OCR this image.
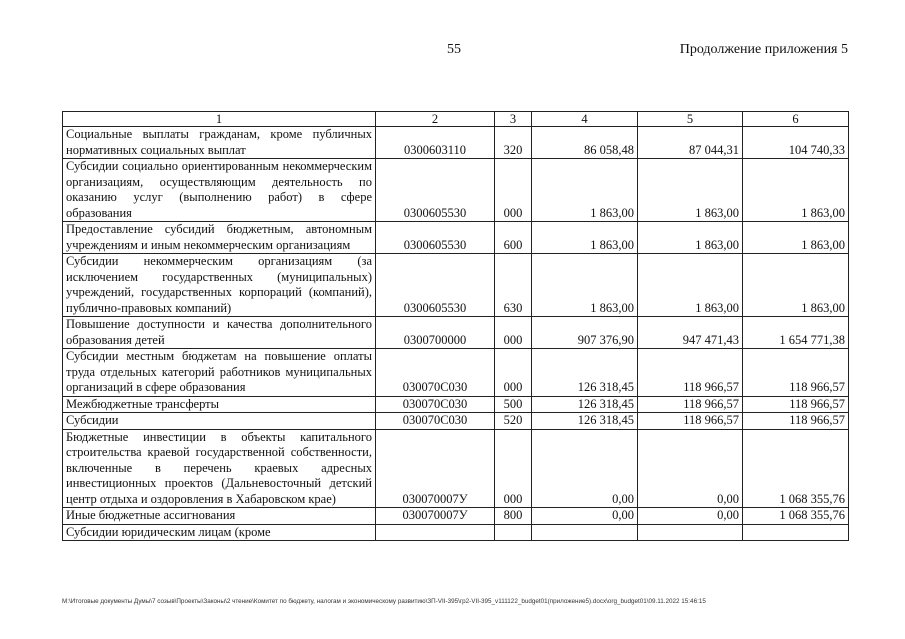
55	Продолжение приложения 5
1	2	3	4	5	6
Социальные выплаты гражданам, кроме публичных нормативных социальных выплат	0300603110	320	86 058,48	87 044,31	104 740,33
Субсидии социально ориентированным некоммерческим организациям, осуществляющим деятельность по оказанию услуг (выполнению работ) в сфере образования	0300605530	000	1 863,00	1 863,00	1 863,00
Предоставление субсидий бюджетным, автономным учреждениям и иным некоммерческим организациям	0300605530	600	1 863,00	1 863,00	1 863,00
Субсидии некоммерческим организациям (за исключением государственных (муниципальных) учреждений, государственных корпораций (компаний), публично-правовых компаний)	0300605530	630	1 863,00	1 863,00	1 863,00
Повышение доступности и качества дополнительного образования детей	0300700000	000	907 376,90	947 471,43	1 654 771,38
Субсидии местным бюджетам на повышение оплаты труда отдельных категорий работников муниципальных организаций в сфере образования	030070С030	000	126 318,45	118 966,57	118 966,57
Межбюджетные трансферты	030070С030	500	126 318,45	118 966,57	118 966,57
Субсидии	030070С030	520	126 318,45	118 966,57	118 966,57
Бюджетные инвестиции в объекты капитального строительства краевой государственной собственности, включенные в перечень краевых адресных инвестиционных проектов (Дальневосточный детский центр отдыха и оздоровления в Хабаровском крае)	030070007У	000	0,00	0,00	1 068 355,76
Иные бюджетные ассигнования	030070007У	800	0,00	0,00	1 068 355,76
Субсидии юридическим лицам (кроме					
M:\Итоговые документы Думы\7 созыв\Проекты\Законы\2 чтение\Комитет по бюджету, налогам и экономическому развитию\ЗП-VII-395\гр2-VII-395_v111122_budget01(приложение5).docx\org_budget01\09.11.2022 15:46:15
